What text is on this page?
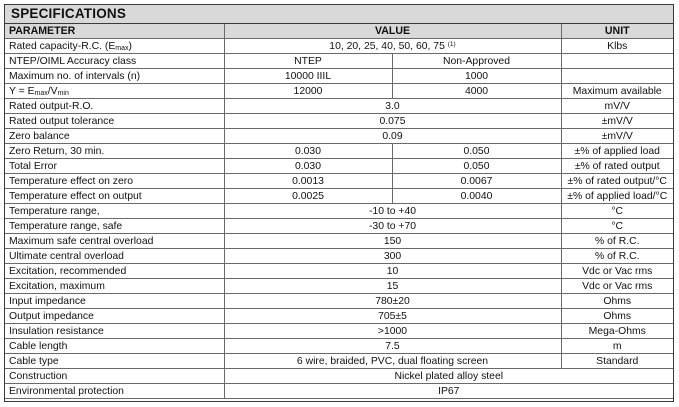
SPECIFICATIONS
PARAMETER	VALUE		UNIT
Rated capacity-R.C. $(E_{max})$	10, 20, 25, 40, 50, 60, 75 $^{(1)}$		Klbs
NTEP/OIML Accuracy class	NTEP	Non-Approved	
Maximum no. of intervals (n)	10000 IIIL	1000	
$Y = E_{max}/V_{min}$	12000	4000	Maximum available
Rated output-R.O.	3.0		mV/V
Rated output tolerance	0.075		±mV/V
Zero balance	0.09		±mV/V
Zero Return, 30 min.	0.030	0.050	±% of applied load
Total Error	0.030	0.050	±% of rated output
Temperature effect on zero	0.0013	0.0067	±% of rated output/°C
Temperature effect on output	0.0025	0.0040	±% of applied load/°C
Temperature range,	-10 to +40		°C
Temperature range, safe	-30 to +70		°C
Maximum safe central overload	150		% of R.C.
Ultimate central overload	300		% of R.C.
Excitation, recommended	10		Vdc or Vac rms
Excitation, maximum	15		Vdc or Vac rms
Input impedance	780±20		Ohms
Output impedance	705±5		Ohms
Insulation resistance	>1000		Mega-Ohms
Cable length	7.5		m
Cable type	6 wire, braided, PVC, dual floating screen		Standard
Construction	Nickel plated alloy steel		
Environmental protection	IP67		
